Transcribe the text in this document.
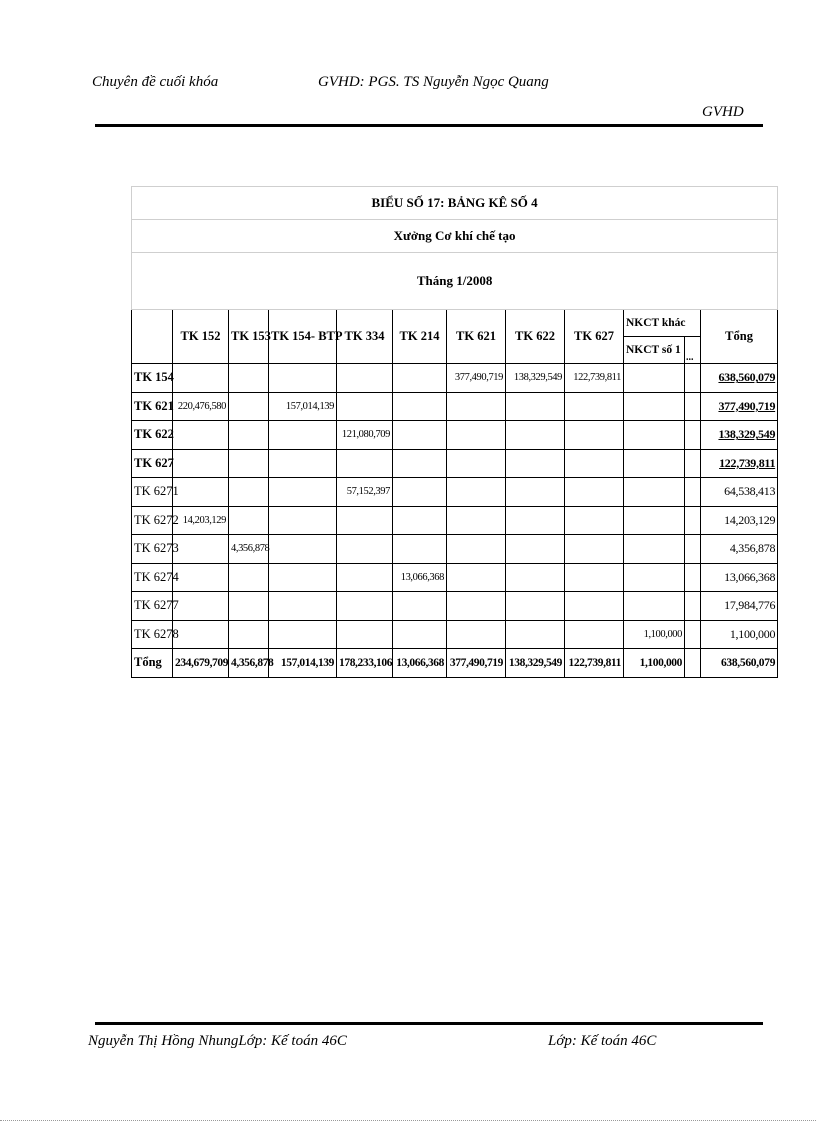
Chuyên đề cuối khóa	GVHD: PGS. TS Nguyễn Ngọc Quang
GVHD
BIỂU SỐ 17: BẢNG KÊ SỐ 4											
Xưởng Cơ khí chế tạo											
Tháng 1/2008											
	TK 152	TK 153	TK 154- BTP	TK 334	TK 214	TK 621	TK 622	TK 627	NKCT khác		Tổng
									NKCT số 1	...	
TK 154						377,490,719	138,329,549	122,739,811			638,560,079
TK 621	220,476,580		157,014,139								377,490,719
TK 622				121,080,709							138,329,549
TK 627											122,739,811
TK 6271				57,152,397							64,538,413
TK 6272	14,203,129										14,203,129
TK 6273		4,356,878									4,356,878
TK 6274					13,066,368						13,066,368
TK 6277											17,984,776
TK 6278									1,100,000		1,100,000
Tổng	234,679,709	4,356,878	157,014,139	178,233,106	13,066,368	377,490,719	138,329,549	122,739,811	1,100,000		638,560,079
Nguyễn Thị Hồng NhungLớp: Kế toán 46C	Lớp: Kế toán 46C
